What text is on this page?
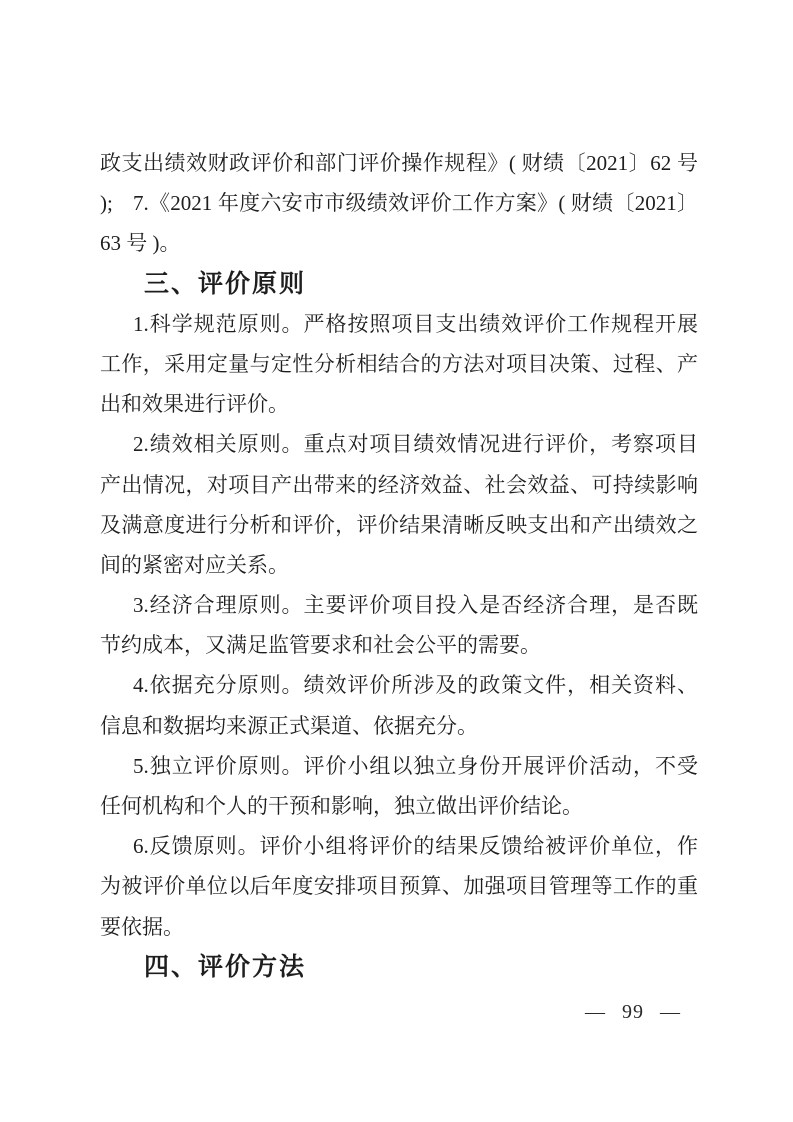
政支出绩效财政评价和部门评价操作规程》( 财绩〔2021〕62 号 ); 7.《2021 年度六安市市级绩效评价工作方案》( 财绩〔2021〕
63 号 )。
三、评价原则
1.科学规范原则。严格按照项目支出绩效评价工作规程开展
工作，采用定量与定性分析相结合的方法对项目决策、过程、产
出和效果进行评价。
2.绩效相关原则。重点对项目绩效情况进行评价，考察项目
产出情况，对项目产出带来的经济效益、社会效益、可持续影响
及满意度进行分析和评价，评价结果清晰反映支出和产出绩效之
间的紧密对应关系。
3.经济合理原则。主要评价项目投入是否经济合理，是否既
节约成本，又满足监管要求和社会公平的需要。
4.依据充分原则。绩效评价所涉及的政策文件，相关资料、
信息和数据均来源正式渠道、依据充分。
5.独立评价原则。评价小组以独立身份开展评价活动，不受
任何机构和个人的干预和影响，独立做出评价结论。
6.反馈原则。评价小组将评价的结果反馈给被评价单位，作
为被评价单位以后年度安排项目预算、加强项目管理等工作的重
要依据。
四、评价方法
— 99 —
